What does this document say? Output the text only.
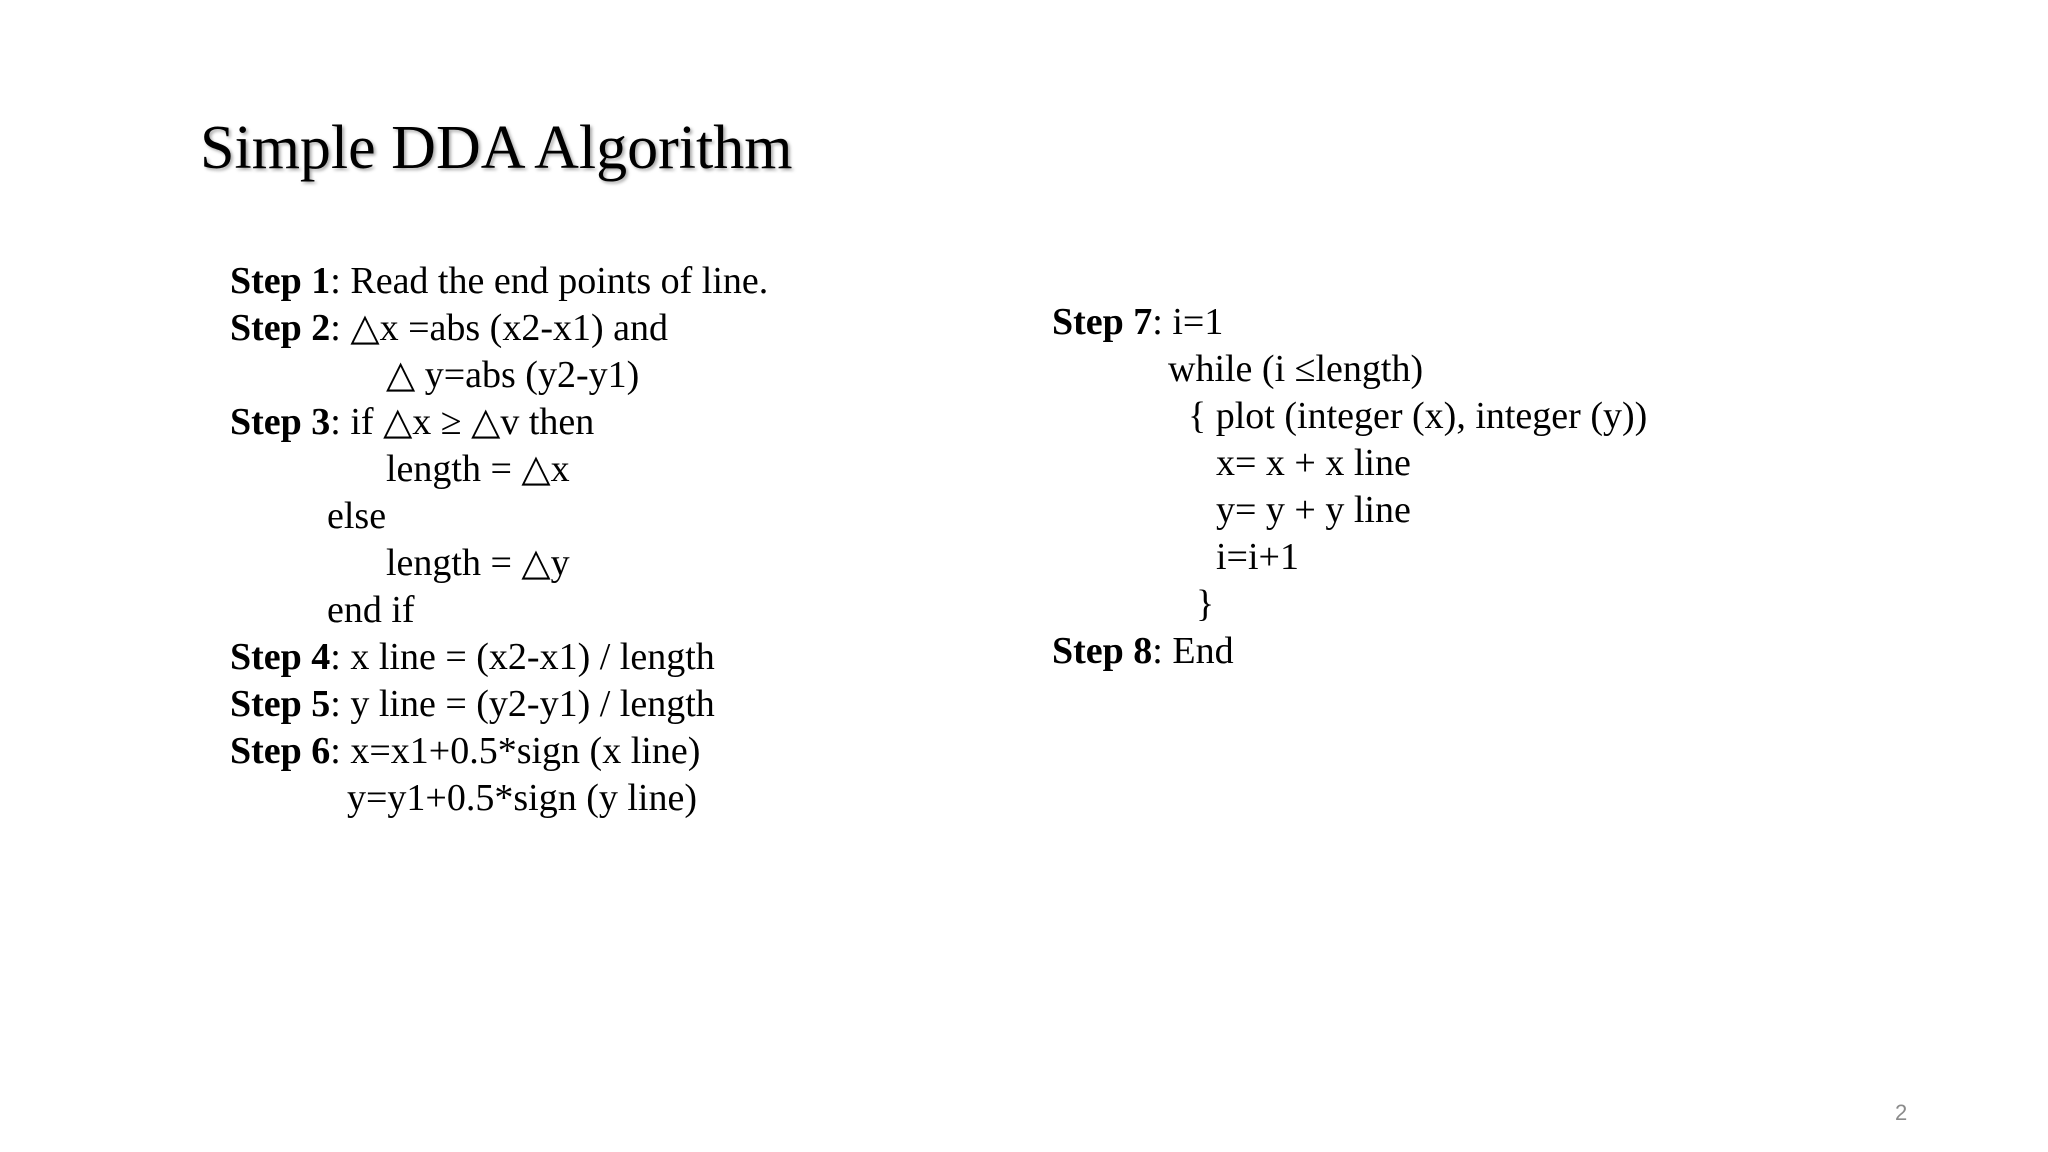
Simple DDA Algorithm
Step 1: Read the end points of line.
Step 2: △x =abs (x2-x1) and
△ y=abs (y2-y1)
Step 3: if △x ≥ △v then
length = △x
else
length = △y
end if
Step 4: x line = (x2-x1) / length
Step 5: y line = (y2-y1) / length
Step 6: x=x1+0.5*sign (x line)
y=y1+0.5*sign (y line)
Step 7: i=1
while (i ≤length)
{ plot (integer (x), integer (y))
x= x + x line
y= y + y line
i=i+1
}
Step 8: End
2
